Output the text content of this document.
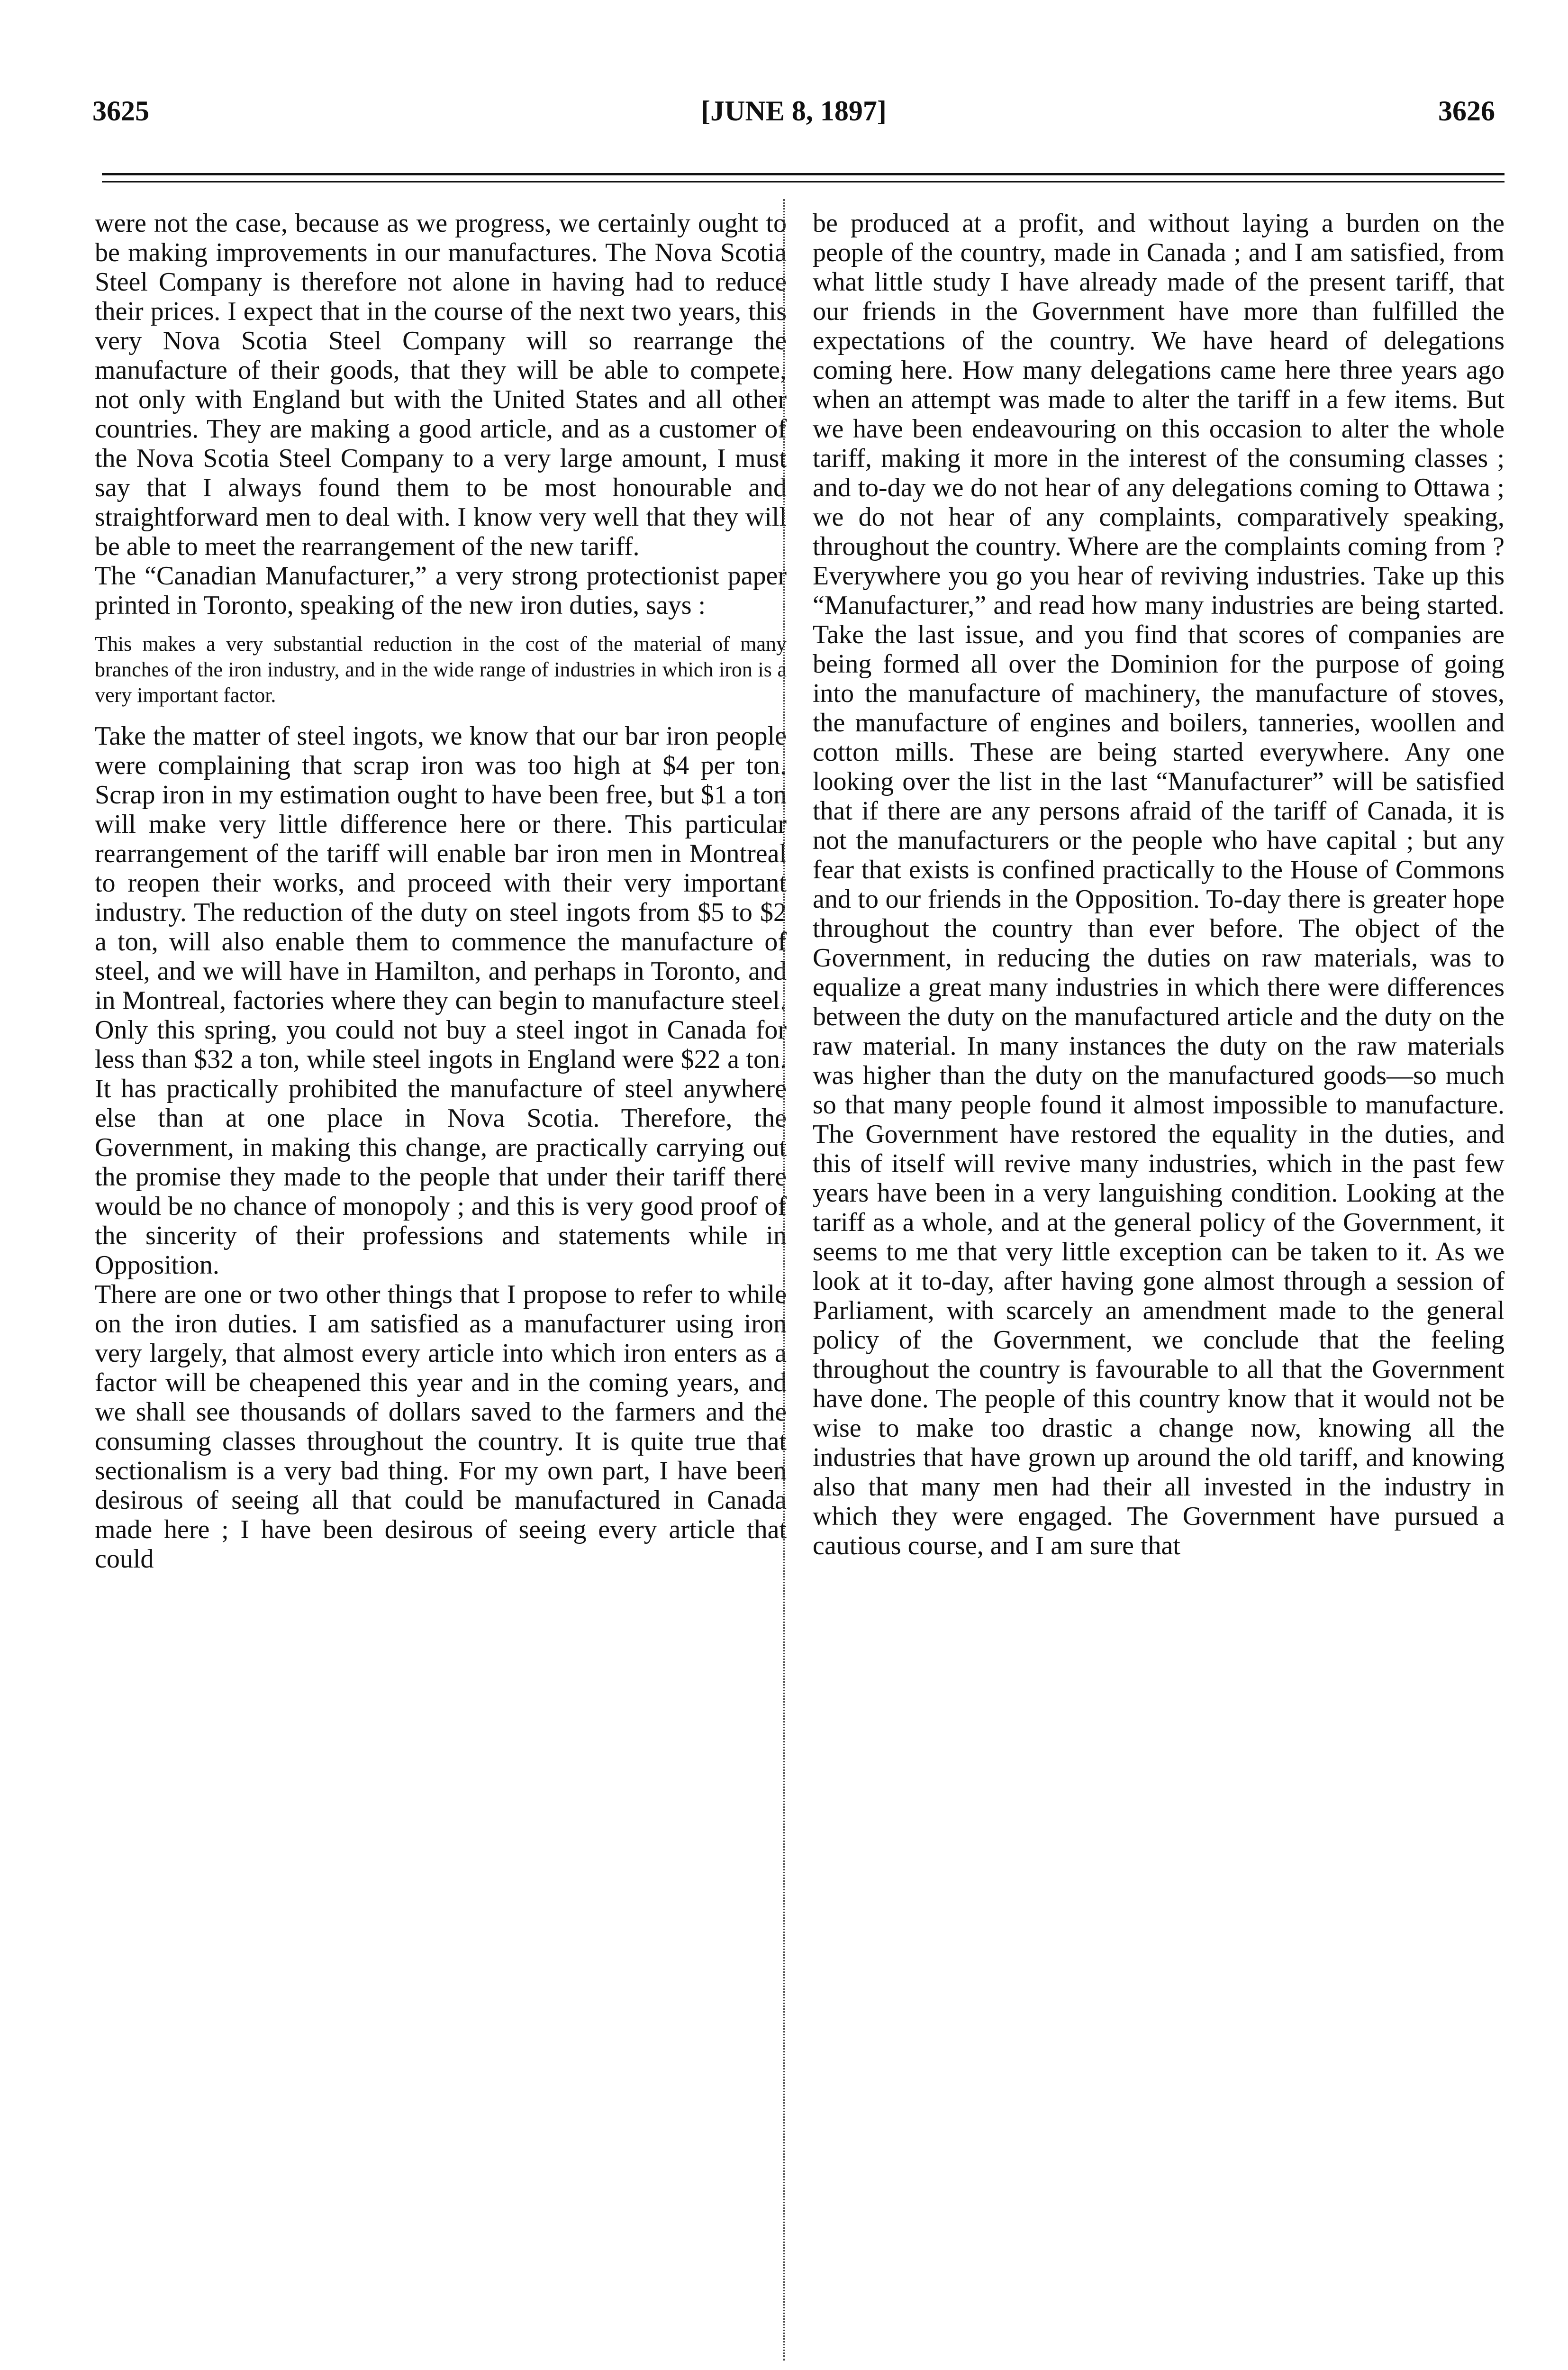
3625	[JUNE 8, 1897]	3626

were not the case, because as we progress, we certainly ought to be making improvements in our manufactures. The Nova Scotia Steel Company is therefore not alone in having had to reduce their prices. I expect that in the course of the next two years, this very Nova Scotia Steel Company will so rearrange the manufacture of their goods, that they will be able to compete, not only with England but with the United States and all other countries. They are making a good article, and as a customer of the Nova Scotia Steel Company to a very large amount, I must say that I always found them to be most honourable and straightforward men to deal with. I know very well that they will be able to meet the rearrangement of the new tariff.

The “Canadian Manufacturer,” a very strong protectionist paper printed in Toronto, speaking of the new iron duties, says :

This makes a very substantial reduction in the cost of the material of many branches of the iron industry, and in the wide range of industries in which iron is a very important factor.

Take the matter of steel ingots, we know that our bar iron people were complaining that scrap iron was too high at $4 per ton. Scrap iron in my estimation ought to have been free, but $1 a ton will make very little difference here or there. This particular rearrangement of the tariff will enable bar iron men in Montreal to reopen their works, and proceed with their very important industry. The reduction of the duty on steel ingots from $5 to $2 a ton, will also enable them to commence the manufacture of steel, and we will have in Hamilton, and perhaps in Toronto, and in Montreal, factories where they can begin to manufacture steel. Only this spring, you could not buy a steel ingot in Canada for less than $32 a ton, while steel ingots in England were $22 a ton. It has practically prohibited the manufacture of steel anywhere else than at one place in Nova Scotia. Therefore, the Government, in making this change, are practically carrying out the promise they made to the people that under their tariff there would be no chance of monopoly ; and this is very good proof of the sincerity of their professions and statements while in Opposition.

There are one or two other things that I propose to refer to while on the iron duties. I am satisfied as a manufacturer using iron very largely, that almost every article into which iron enters as a factor will be cheapened this year and in the coming years, and we shall see thousands of dollars saved to the farmers and the consuming classes throughout the country. It is quite true that sectionalism is a very bad thing. For my own part, I have been desirous of seeing all that could be manufactured in Canada made here ; I have been desirous of seeing every article that could

be produced at a profit, and without laying a burden on the people of the country, made in Canada ; and I am satisfied, from what little study I have already made of the present tariff, that our friends in the Government have more than fulfilled the expectations of the country. We have heard of delegations coming here. How many delegations came here three years ago when an attempt was made to alter the tariff in a few items. But we have been endeavouring on this occasion to alter the whole tariff, making it more in the interest of the consuming classes ; and to-day we do not hear of any delegations coming to Ottawa ; we do not hear of any complaints, comparatively speaking, throughout the country. Where are the complaints coming from ? Everywhere you go you hear of reviving industries. Take up this “Manufacturer,” and read how many industries are being started. Take the last issue, and you find that scores of companies are being formed all over the Dominion for the purpose of going into the manufacture of machinery, the manufacture of stoves, the manufacture of engines and boilers, tanneries, woollen and cotton mills. These are being started everywhere. Any one looking over the list in the last “Manufacturer” will be satisfied that if there are any persons afraid of the tariff of Canada, it is not the manufacturers or the people who have capital ; but any fear that exists is confined practically to the House of Commons and to our friends in the Opposition. To-day there is greater hope throughout the country than ever before. The object of the Government, in reducing the duties on raw materials, was to equalize a great many industries in which there were differences between the duty on the manufactured article and the duty on the raw material. In many instances the duty on the raw materials was higher than the duty on the manufactured goods—so much so that many people found it almost impossible to manufacture. The Government have restored the equality in the duties, and this of itself will revive many industries, which in the past few years have been in a very languishing condition. Looking at the tariff as a whole, and at the general policy of the Government, it seems to me that very little exception can be taken to it. As we look at it to-day, after having gone almost through a session of Parliament, with scarcely an amendment made to the general policy of the Government, we conclude that the feeling throughout the country is favourable to all that the Government have done. The people of this country know that it would not be wise to make too drastic a change now, knowing all the industries that have grown up around the old tariff, and knowing also that many men had their all invested in the industry in which they were engaged. The Government have pursued a cautious course, and I am sure that
